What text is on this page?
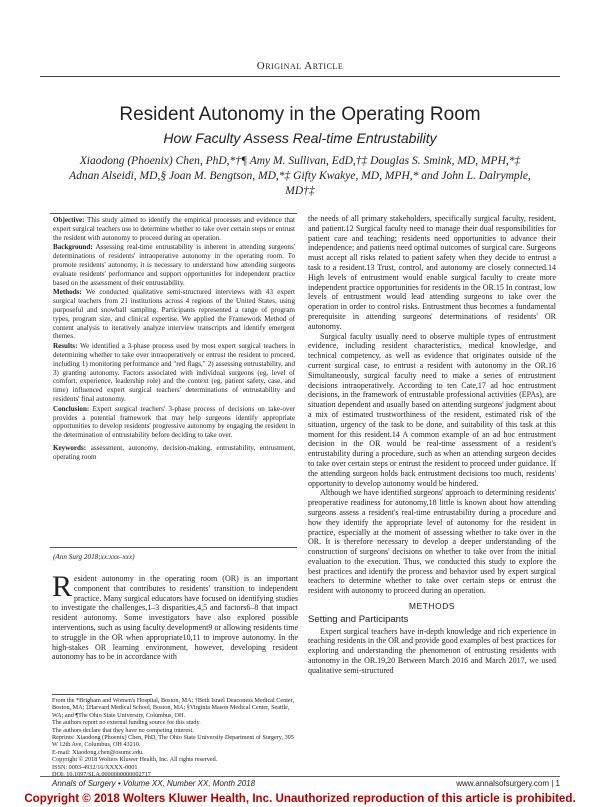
Original Article
Resident Autonomy in the Operating Room
How Faculty Assess Real-time Entrustability
Xiaodong (Phoenix) Chen, PhD,*†¶ Amy M. Sullivan, EdD,†‡ Douglas S. Smink, MD, MPH,*‡
Adnan Alseidi, MD,§ Joan M. Bengtson, MD,*‡ Gifty Kwakye, MD, MPH,* and John L. Dalrymple, MD†‡

Objective: This study aimed to identify the empirical processes and evidence that expert surgical teachers use to determine whether to take over certain steps or entrust the resident with autonomy to proceed during an operation.

Background: Assessing real-time entrustability is inherent in attending surgeons' determinations of residents' intraoperative autonomy in the operating room. To promote residents' autonomy, it is necessary to understand how attending surgeons evaluate residents' performance and support opportunities for independent practice based on the assessment of their entrustability.

Methods: We conducted qualitative semi-structured interviews with 43 expert surgical teachers from 21 institutions across 4 regions of the United States, using purposeful and snowball sampling. Participants represented a range of program types, program size, and clinical expertise. We applied the Framework Method of content analysis to iteratively analyze interview transcripts and identify emergent themes.

Results: We identified a 3-phase process used by most expert surgical teachers in determining whether to take over intraoperatively or entrust the resident to proceed, including 1) monitoring performance and "red flags," 2) assessing entrustability, and 3) granting autonomy. Factors associated with individual surgeons (eg, level of comfort, experience, leadership role) and the context (eg, patient safety, case, and time) influenced expert surgical teachers' determinations of entrustability and residents' final autonomy.

Conclusion: Expert surgical teachers' 3-phase process of decisions on take-over provides a potential framework that may help surgeons identify appropriate opportunities to develop residents' progressive autonomy by engaging the resident in the determination of entrustability before deciding to take over.

Keywords: assessment, autonomy, decision-making, entrustability, entrustment, operating room

(Ann Surg 2018;xx:xxx–xxx)
Resident autonomy in the operating room (OR) is an important component that contributes to residents' transition to independent practice. Many surgical educators have focused on identifying studies to investigate the challenges,1–3 disparities,4,5 and factors6–8 that impact resident autonomy. Some investigators have also explored possible interventions, such as using faculty development9 or allowing residents time to struggle in the OR when appropriate10,11 to improve autonomy. In the high-stakes OR learning environment, however, developing resident autonomy has to be in accordance with

From the *Brigham and Women's Hospital, Boston, MA; †Beth Israel Deaconess Medical Center, Boston, MA; ‡Harvard Medical School, Boston, MA; §Virginia Mason Medical Center, Seattle, WA; and ¶The Ohio State University, Columbus, OH.

The authors report no external funding source for this study.

The authors declare that they have no competing interest.

Reprints: Xiaodong (Phoenix) Chen, PhD, The Ohio State University Department of Surgery, 395 W 12th Ave, Columbus, OH 43210.

E-mail: Xiaodong.chen@osumc.edu.

Copyright © 2018 Wolters Kluwer Health, Inc. All rights reserved.

ISSN: 0003-4932/16/XXXX-0001

DOI: 10.1097/SLA.0000000000002717

the needs of all primary stakeholders, specifically surgical faculty, resident, and patient.12 Surgical faculty need to manage their dual responsibilities for patient care and teaching; residents need opportunities to advance their independence; and patients need optimal outcomes of surgical care. Surgeons must accept all risks related to patient safety when they decide to entrust a task to a resident.13 Trust, control, and autonomy are closely connected.14 High levels of entrustment would enable surgical faculty to create more independent practice opportunities for residents in the OR.15 In contrast, low levels of entrustment would lead attending surgeons to take over the operation in order to control risks. Entrustment thus becomes a fundamental prerequisite in attending surgeons' determinations of residents' OR autonomy.

Surgical faculty usually need to observe multiple types of entrustment evidence, including resident characteristics, medical knowledge, and technical competency, as well as evidence that originates outside of the current surgical case, to entrust a resident with autonomy in the OR.16 Simultaneously, surgical faculty need to make a series of entrustment decisions intraoperatively. According to ten Cate,17 ad hoc entrustment decisions, in the framework of entrustable professional activities (EPAs), are situation dependent and usually based on attending surgeons' judgment about a mix of estimated trustworthiness of the resident, estimated risk of the situation, urgency of the task to be done, and suitability of this task at this moment for this resident.14 A common example of an ad hoc entrustment decision in the OR would be real-time assessment of a resident's entrustability during a procedure, such as when an attending surgeon decides to take over certain steps or entrust the resident to proceed under guidance. If the attending surgeon holds back entrustment decisions too much, residents' opportunity to develop autonomy would be hindered.

Although we have identified surgeons' approach to determining residents' preoperative readiness for autonomy,18 little is known about how attending surgeons assess a resident's real-time entrustability during a procedure and how they identify the appropriate level of autonomy for the resident in practice, especially at the moment of assessing whether to take over in the OR. It is therefore necessary to develop a deeper understanding of the construction of surgeons' decisions on whether to take over from the initial evaluation to the execution. Thus, we conducted this study to explore the best practices and identify the process and behavior used by expert surgical teachers to determine whether to take over certain steps or entrust the resident with autonomy to proceed during an operation.

METHODS
Setting and Participants

Expert surgical teachers have in-depth knowledge and rich experience in teaching residents in the OR and provide good examples of best practices for exploring and understanding the phenomenon of entrusting residents with autonomy in the OR.19,20 Between March 2016 and March 2017, we used qualitative semi-structured

Annals of Surgery • Volume XX, Number XX, Month 2018	www.annalsofsurgery.com | 1
Copyright © 2018 Wolters Kluwer Health, Inc. Unauthorized reproduction of this article is prohibited.
